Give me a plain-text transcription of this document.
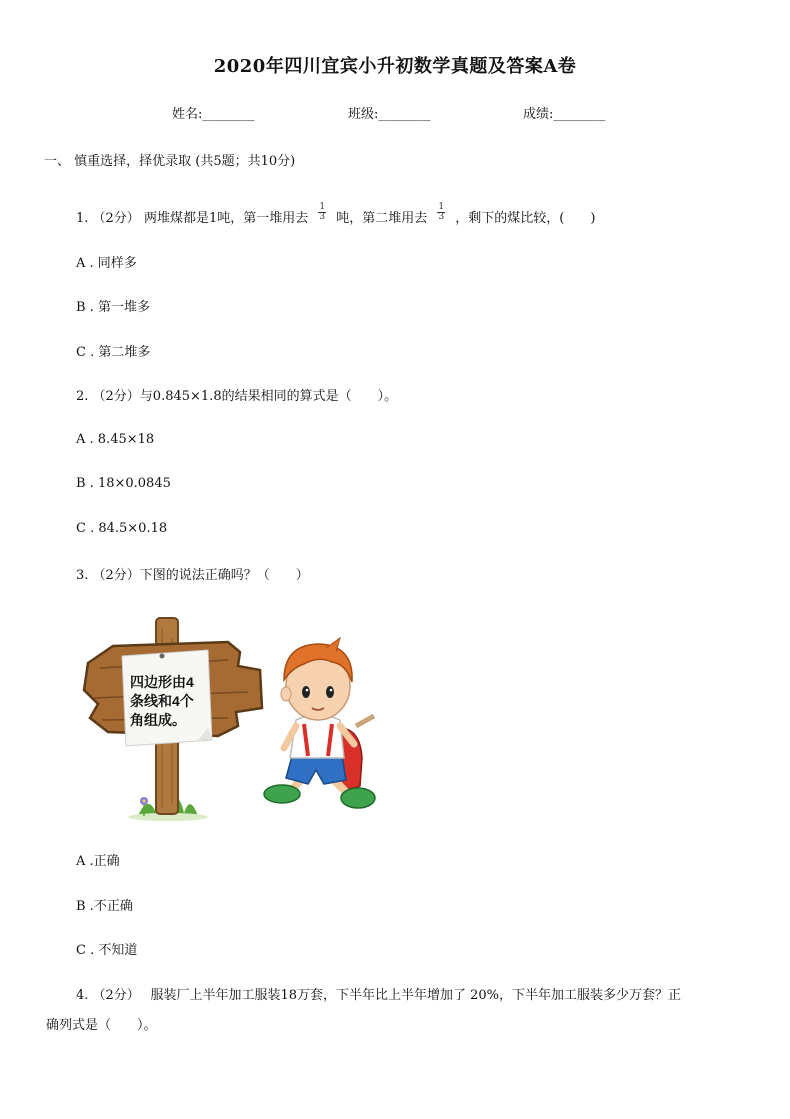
2020年四川宜宾小升初数学真题及答案A卷
姓名:________	班级:________	成绩:________
一、 慎重选择，择优录取 (共5题；共10分)
1. （2分） 两堆煤都是1吨，第一堆用去 $\frac{1}{3}$ 吨，第二堆用去 $\frac{1}{3}$ ，剩下的煤比较，(　　)
A . 同样多
B . 第一堆多
C . 第二堆多
2. （2分）与0.845×1.8的结果相同的算式是（　　）。
A . 8.45×18
B . 18×0.0845
C . 84.5×0.18
3. （2分）下图的说法正确吗？（　　）
四边形由4
条线和4个
角组成。
A .正确
B .不正确
C . 不知道
4. （2分）　 服装厂上半年加工服装18万套，下半年比上半年增加了 20%，下半年加工服装多少万套？正
确列式是（　　）。
